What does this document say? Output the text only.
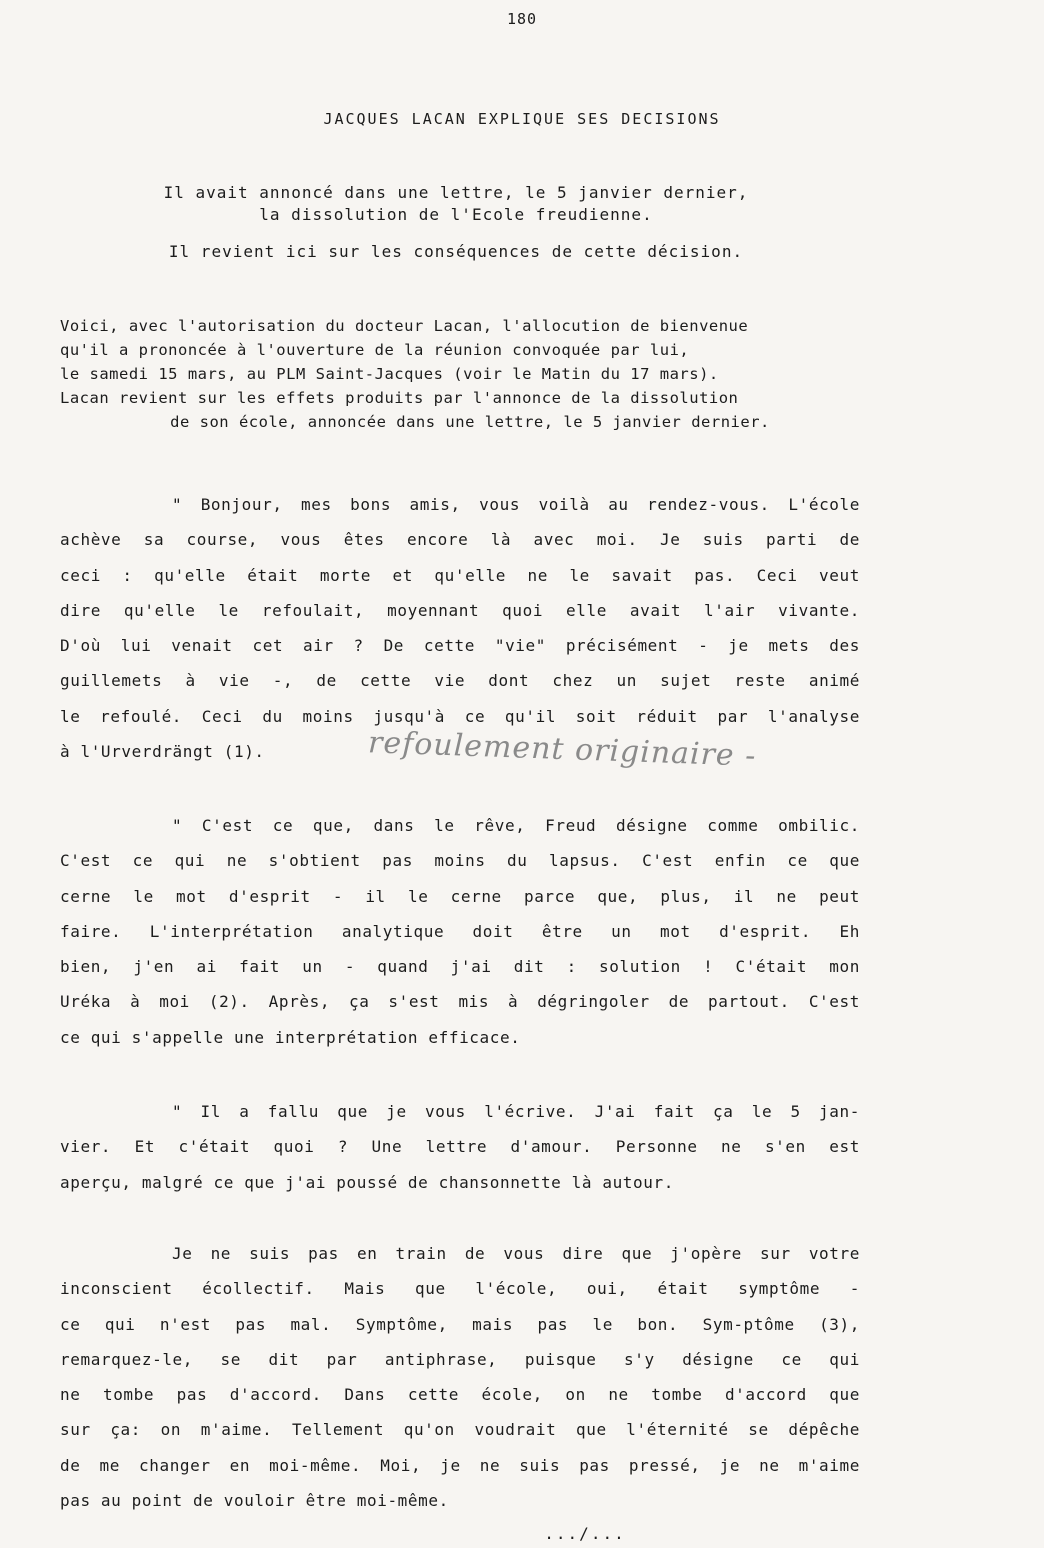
180
JACQUES LACAN EXPLIQUE SES DECISIONS
Il avait annoncé dans une lettre, le 5 janvier dernier,
la dissolution de l'Ecole freudienne.
Il revient ici sur les conséquences de cette décision.
Voici, avec l'autorisation du docteur Lacan, l'allocution de bienvenue
qu'il a prononcée à l'ouverture de la réunion convoquée par lui,
le samedi 15 mars, au PLM Saint-Jacques (voir le Matin du 17 mars).
Lacan revient sur les effets produits par l'annonce de la dissolution
de son école, annoncée dans une lettre, le 5 janvier dernier.
" Bonjour, mes bons amis, vous voilà au rendez-vous. L'école
achève sa course, vous êtes encore là avec moi. Je suis parti de
ceci : qu'elle était morte et qu'elle ne le savait pas. Ceci veut
dire qu'elle le refoulait, moyennant quoi elle avait l'air vivante.
D'où lui venait cet air ? De cette "vie" précisément - je mets des
guillemets à vie -, de cette vie dont chez un sujet reste animé
le refoulé. Ceci du moins jusqu'à ce qu'il soit réduit par l'analyse
à l'Urverdrängt (1).	refoulement originaire -
" C'est ce que, dans le rêve, Freud désigne comme ombilic.
C'est ce qui ne s'obtient pas moins du lapsus. C'est enfin ce que
cerne le mot d'esprit - il le cerne parce que, plus, il ne peut
faire. L'interprétation analytique doit être un mot d'esprit. Eh
bien, j'en ai fait un - quand j'ai dit : solution ! C'était mon
Uréka à moi (2). Après, ça s'est mis à dégringoler de partout. C'est
ce qui s'appelle une interprétation efficace.
" Il a fallu que je vous l'écrive. J'ai fait ça le 5 jan-
vier. Et c'était quoi ? Une lettre d'amour. Personne ne s'en est
aperçu, malgré ce que j'ai poussé de chansonnette là autour.
Je ne suis pas en train de vous dire que j'opère sur votre
inconscient écollectif. Mais que l'école, oui, était symptôme -
ce qui n'est pas mal. Symptôme, mais pas le bon. Sym-ptôme (3),
remarquez-le, se dit par antiphrase, puisque s'y désigne ce qui
ne tombe pas d'accord. Dans cette école, on ne tombe d'accord que
sur ça: on m'aime. Tellement qu'on voudrait que l'éternité se dépêche
de me changer en moi-même. Moi, je ne suis pas pressé, je ne m'aime
pas au point de vouloir être moi-même.
.../...
